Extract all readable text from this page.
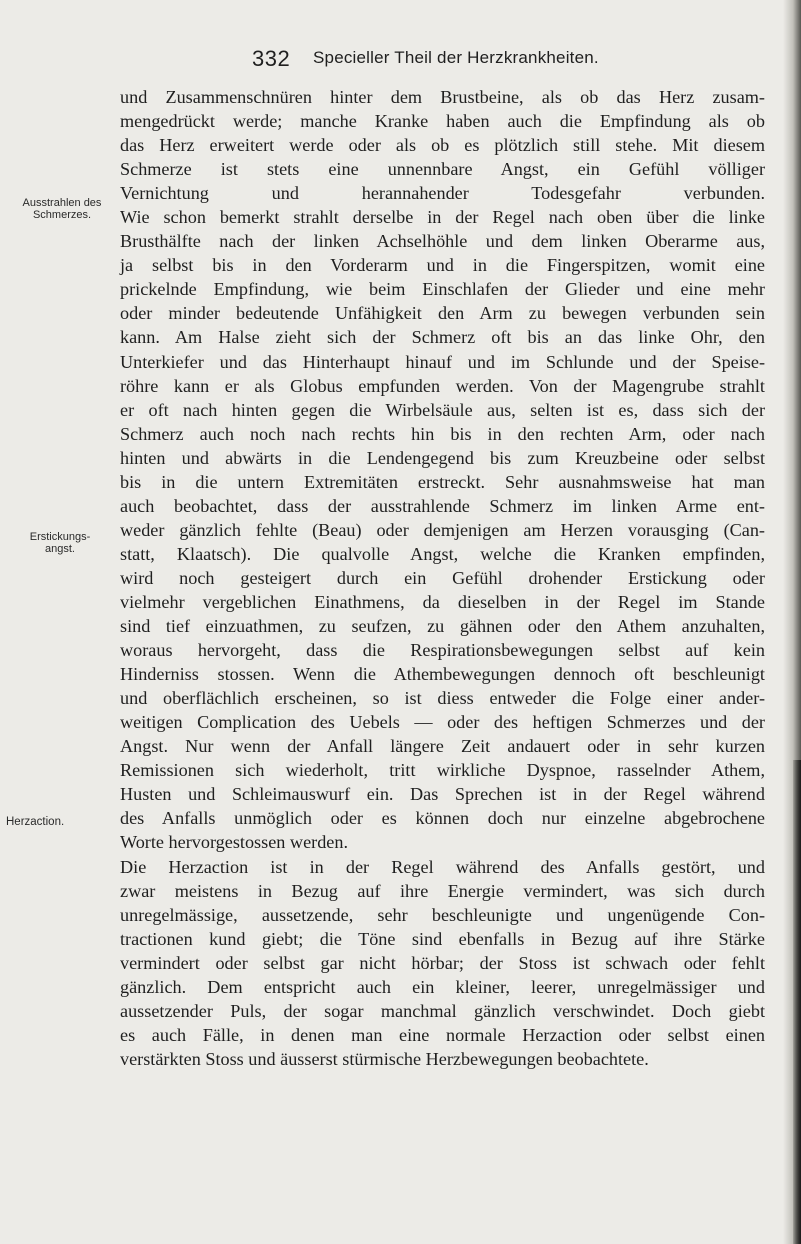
332 Specieller Theil der Herzkrankheiten.
Ausstrahlen des
Schmerzes.
Erstickungs-
angst.
Herzaction.
und Zusammenschnüren hinter dem Brustbeine, als ob das Herz zusam-
mengedrückt werde; manche Kranke haben auch die Empfindung als ob
das Herz erweitert werde oder als ob es plötzlich still stehe. Mit diesem
Schmerze ist stets eine unnennbare Angst, ein Gefühl völliger
Vernichtung und herannahender Todesgefahr verbunden.
Wie schon bemerkt strahlt derselbe in der Regel nach oben über die linke
Brusthälfte nach der linken Achselhöhle und dem linken Oberarme aus,
ja selbst bis in den Vorderarm und in die Fingerspitzen, womit eine
prickelnde Empfindung, wie beim Einschlafen der Glieder und eine mehr
oder minder bedeutende Unfähigkeit den Arm zu bewegen verbunden sein
kann. Am Halse zieht sich der Schmerz oft bis an das linke Ohr, den
Unterkiefer und das Hinterhaupt hinauf und im Schlunde und der Speise-
röhre kann er als Globus empfunden werden. Von der Magengrube strahlt
er oft nach hinten gegen die Wirbelsäule aus, selten ist es, dass sich der
Schmerz auch noch nach rechts hin bis in den rechten Arm, oder nach
hinten und abwärts in die Lendengegend bis zum Kreuzbeine oder selbst
bis in die untern Extremitäten erstreckt. Sehr ausnahmsweise hat man
auch beobachtet, dass der ausstrahlende Schmerz im linken Arme ent-
weder gänzlich fehlte (Beau) oder demjenigen am Herzen vorausging (Can-
statt, Klaatsch). Die qualvolle Angst, welche die Kranken empfinden,
wird noch gesteigert durch ein Gefühl drohender Erstickung oder
vielmehr vergeblichen Einathmens, da dieselben in der Regel im Stande
sind tief einzuathmen, zu seufzen, zu gähnen oder den Athem anzuhalten,
woraus hervorgeht, dass die Respirationsbewegungen selbst auf kein
Hinderniss stossen. Wenn die Athembewegungen dennoch oft beschleunigt
und oberflächlich erscheinen, so ist diess entweder die Folge einer ander-
weitigen Complication des Uebels — oder des heftigen Schmerzes und der
Angst. Nur wenn der Anfall längere Zeit andauert oder in sehr kurzen
Remissionen sich wiederholt, tritt wirkliche Dyspnoe, rasselnder Athem,
Husten und Schleimauswurf ein. Das Sprechen ist in der Regel während
des Anfalls unmöglich oder es können doch nur einzelne abgebrochene
Worte hervorgestossen werden.
Die Herzaction ist in der Regel während des Anfalls gestört, und
zwar meistens in Bezug auf ihre Energie vermindert, was sich durch
unregelmässige, aussetzende, sehr beschleunigte und ungenügende Con-
tractionen kund giebt; die Töne sind ebenfalls in Bezug auf ihre Stärke
vermindert oder selbst gar nicht hörbar; der Stoss ist schwach oder fehlt
gänzlich. Dem entspricht auch ein kleiner, leerer, unregelmässiger und
aussetzender Puls, der sogar manchmal gänzlich verschwindet. Doch giebt
es auch Fälle, in denen man eine normale Herzaction oder selbst einen
verstärkten Stoss und äusserst stürmische Herzbewegungen beobachtete.
